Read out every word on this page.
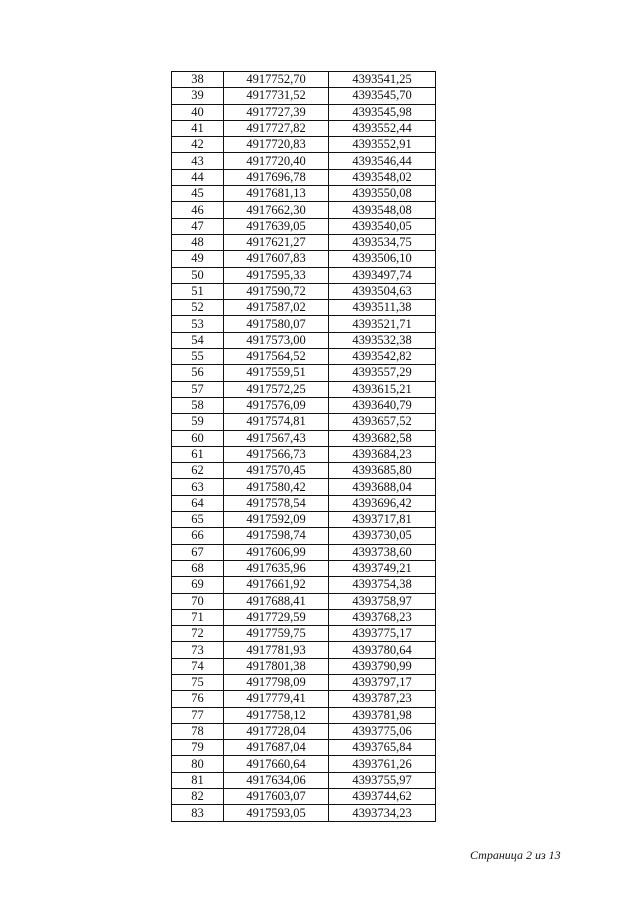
38	4917752,70	4393541,25
39	4917731,52	4393545,70
40	4917727,39	4393545,98
41	4917727,82	4393552,44
42	4917720,83	4393552,91
43	4917720,40	4393546,44
44	4917696,78	4393548,02
45	4917681,13	4393550,08
46	4917662,30	4393548,08
47	4917639,05	4393540,05
48	4917621,27	4393534,75
49	4917607,83	4393506,10
50	4917595,33	4393497,74
51	4917590,72	4393504,63
52	4917587,02	4393511,38
53	4917580,07	4393521,71
54	4917573,00	4393532,38
55	4917564,52	4393542,82
56	4917559,51	4393557,29
57	4917572,25	4393615,21
58	4917576,09	4393640,79
59	4917574,81	4393657,52
60	4917567,43	4393682,58
61	4917566,73	4393684,23
62	4917570,45	4393685,80
63	4917580,42	4393688,04
64	4917578,54	4393696,42
65	4917592,09	4393717,81
66	4917598,74	4393730,05
67	4917606,99	4393738,60
68	4917635,96	4393749,21
69	4917661,92	4393754,38
70	4917688,41	4393758,97
71	4917729,59	4393768,23
72	4917759,75	4393775,17
73	4917781,93	4393780,64
74	4917801,38	4393790,99
75	4917798,09	4393797,17
76	4917779,41	4393787,23
77	4917758,12	4393781,98
78	4917728,04	4393775,06
79	4917687,04	4393765,84
80	4917660,64	4393761,26
81	4917634,06	4393755,97
82	4917603,07	4393744,62
83	4917593,05	4393734,23
Страница 2 из 13
